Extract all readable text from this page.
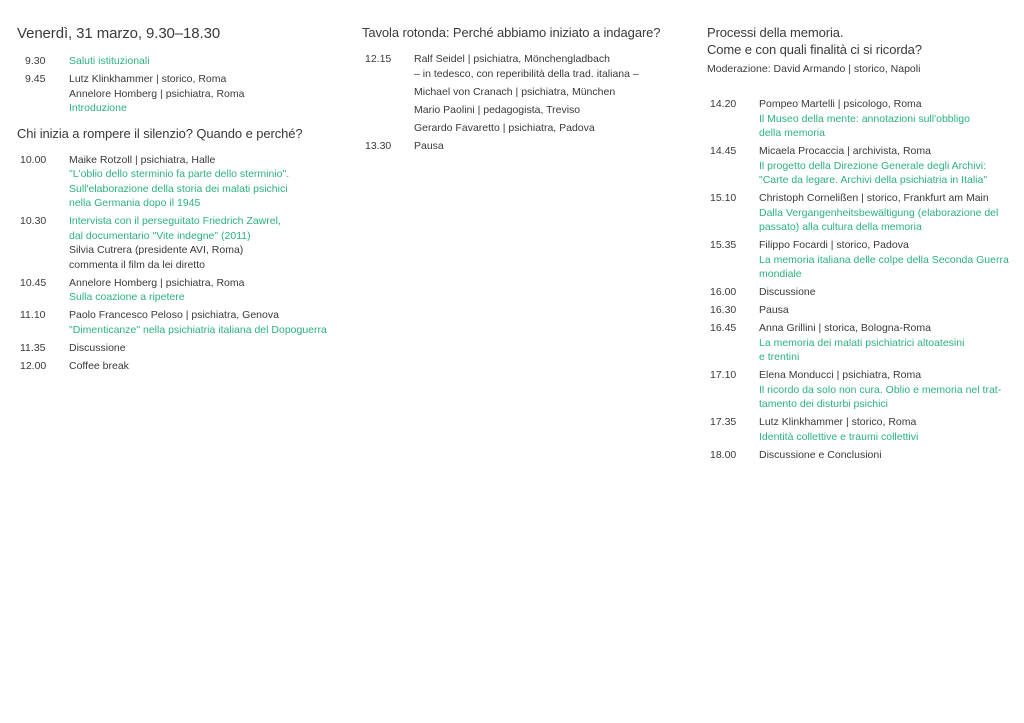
Venerdì, 31 marzo, 9.30–18.30
9.30	Saluti istituzionali
9.45	Lutz Klinkhammer | storico, Roma
Annelore Homberg | psichiatra, Roma
Introduzione
Chi inizia a rompere il silenzio? Quando e perché?
10.00	Maike Rotzoll | psichiatra, Halle
"L'oblio dello sterminio fa parte dello sterminio".
Sull'elaborazione della storia dei malati psichici
nella Germania dopo il 1945
10.30	Intervista con il perseguitato Friedrich Zawrel,
dal documentario "Vite indegne" (2011)
Silvia Cutrera (presidente AVI, Roma)
commenta il film da lei diretto
10.45	Annelore Homberg | psichiatra, Roma
Sulla coazione a ripetere
11.10	Paolo Francesco Peloso | psichiatra, Genova
"Dimenticanze" nella psichiatria italiana del Dopoguerra
11.35	Discussione
12.00	Coffee break
Tavola rotonda: Perché abbiamo iniziato a indagare?
12.15	Ralf Seidel | psichiatra, Mönchengladbach
– in tedesco, con reperibilità della trad. italiana –
Michael von Cranach | psichiatra, München
Mario Paolini | pedagogista, Treviso
Gerardo Favaretto | psichiatra, Padova
13.30	Pausa
Processi della memoria.
Come e con quali finalità ci si ricorda?
Moderazione: David Armando | storico, Napoli
14.20	Pompeo Martelli | psicologo, Roma
Il Museo della mente: annotazioni sull'obbligo
della memoria
14.45	Micaela Procaccia | archivista, Roma
Il progetto della Direzione Generale degli Archivi:
"Carte da legare. Archivi della psichiatria in Italia"
15.10	Christoph Cornelißen | storico, Frankfurt am Main
Dalla Vergangenheitsbewältigung (elaborazione del
passato) alla cultura della memoria
15.35	Filippo Focardi | storico, Padova
La memoria italiana delle colpe della Seconda Guerra
mondiale
16.00	Discussione
16.30	Pausa
16.45	Anna Grillini | storica, Bologna-Roma
La memoria dei malati psichiatrici altoatesini
e trentini
17.10	Elena Monducci | psichiatra, Roma
Il ricordo da solo non cura. Oblio e memoria nel trat-
tamento dei disturbi psichici
17.35	Lutz Klinkhammer | storico, Roma
Identità collettive e traumi collettivi
18.00	Discussione e Conclusioni
